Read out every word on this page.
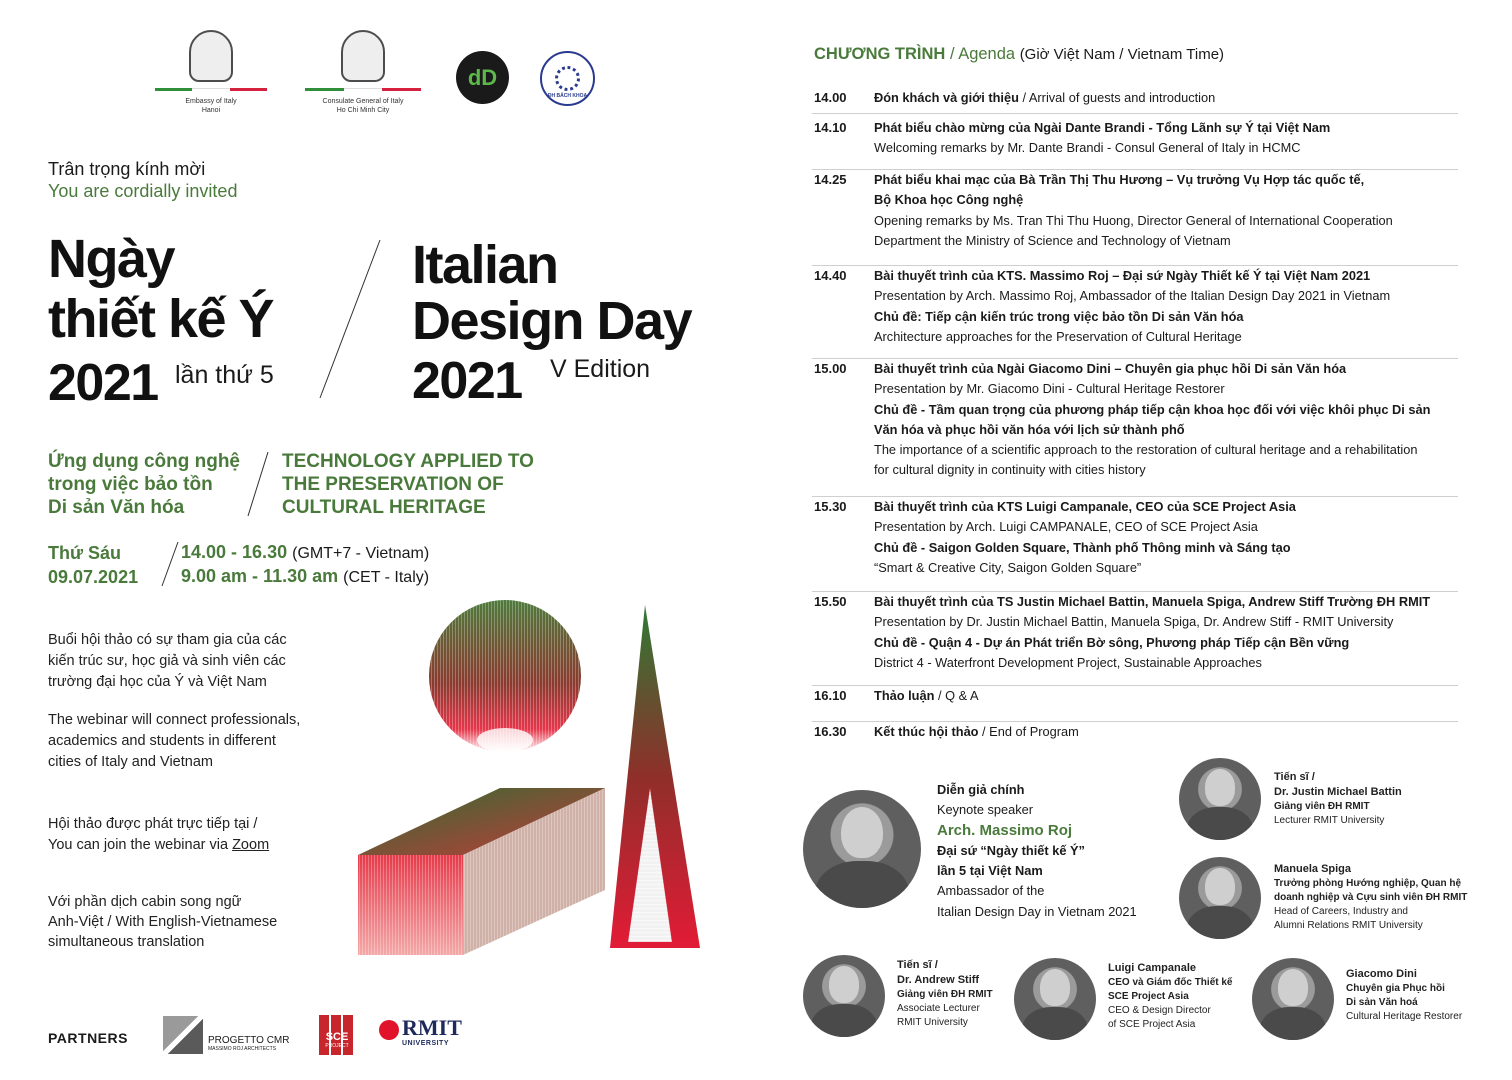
Embassy of Italy
Hanoi
Consulate General of Italy
Ho Chi Minh City
dD
ĐH BÁCH KHOA
Trân trọng kính mời
You are cordially invited
Ngày
thiết kế Ý
2021 lần thứ 5
Italian
Design Day
2021 V Edition
Ứng dụng công nghệ
trong việc bảo tồn
Di sản Văn hóa
TECHNOLOGY APPLIED TO
THE PRESERVATION OF
CULTURAL HERITAGE
Thứ Sáu
09.07.2021
14.00 - 16.30 (GMT+7 - Vietnam)
9.00 am - 11.30 am (CET - Italy)
Buổi hội thảo có sự tham gia của các
kiến trúc sư, học giả và sinh viên các
trường đại học của Ý và Việt Nam
The webinar will connect professionals,
academics and students in different
cities of Italy and Vietnam
Hội thảo được phát trực tiếp tại /
You can join the webinar via Zoom
Với phần dịch cabin song ngữ
Anh-Việt / With English-Vietnamese
simultaneous translation
PARTNERS	PROGETTO CMR
MASSIMO ROJ ARCHITECTS
SCE
PROJECT
RMIT
UNIVERSITY
CHƯƠNG TRÌNH / Agenda (Giờ Việt Nam / Vietnam Time)
14.00 Đón khách và giới thiệu / Arrival of guests and introduction
14.10 Phát biểu chào mừng của Ngài Dante Brandi - Tổng Lãnh sự Ý tại Việt Nam
Welcoming remarks by Mr. Dante Brandi - Consul General of Italy in HCMC
14.25 Phát biểu khai mạc của Bà Trần Thị Thu Hương – Vụ trưởng Vụ Hợp tác quốc tế,
Bộ Khoa học Công nghệ
Opening remarks by Ms. Tran Thi Thu Huong, Director General of International Cooperation
Department the Ministry of Science and Technology of Vietnam
14.40 Bài thuyết trình của KTS. Massimo Roj – Đại sứ Ngày Thiết kế Ý tại Việt Nam 2021
Presentation by Arch. Massimo Roj, Ambassador of the Italian Design Day 2021 in Vietnam
Chủ đề: Tiếp cận kiến trúc trong việc bảo tồn Di sản Văn hóa
Architecture approaches for the Preservation of Cultural Heritage
15.00 Bài thuyết trình của Ngài Giacomo Dini – Chuyên gia phục hồi Di sản Văn hóa
Presentation by Mr. Giacomo Dini - Cultural Heritage Restorer
Chủ đề - Tầm quan trọng của phương pháp tiếp cận khoa học đối với việc khôi phục Di sản
Văn hóa và phục hồi văn hóa với lịch sử thành phố
The importance of a scientific approach to the restoration of cultural heritage and a rehabilitation
for cultural dignity in continuity with cities history
15.30 Bài thuyết trình của KTS Luigi Campanale, CEO của SCE Project Asia
Presentation by Arch. Luigi CAMPANALE, CEO of SCE Project Asia
Chủ đề - Saigon Golden Square, Thành phố Thông minh và Sáng tạo
“Smart & Creative City, Saigon Golden Square”
15.50 Bài thuyết trình của TS Justin Michael Battin, Manuela Spiga, Andrew Stiff Trường ĐH RMIT
Presentation by Dr. Justin Michael Battin, Manuela Spiga, Dr. Andrew Stiff - RMIT University
Chủ đề - Quận 4 - Dự án Phát triển Bờ sông, Phương pháp Tiếp cận Bền vững
District 4 - Waterfront Development Project, Sustainable Approaches
16.10 Thảo luận / Q & A
16.30 Kết thúc hội thảo / End of Program
Diễn giả chính
Keynote speaker
Arch. Massimo Roj
Đại sứ “Ngày thiết kế Ý”
lần 5 tại Việt Nam
Ambassador of the
Italian Design Day in Vietnam 2021
Tiến sĩ /
Dr. Justin Michael Battin
Giảng viên ĐH RMIT
Lecturer RMIT University
Manuela Spiga
Trưởng phòng Hướng nghiệp, Quan hệ
doanh nghiệp và Cựu sinh viên ĐH RMIT
Head of Careers, Industry and
Alumni Relations RMIT University
Tiến sĩ /
Dr. Andrew Stiff
Giảng viên ĐH RMIT
Associate Lecturer
RMIT University
Luigi Campanale
CEO và Giám đốc Thiết kế
SCE Project Asia
CEO & Design Director
of SCE Project Asia
Giacomo Dini
Chuyên gia Phục hồi
Di sản Văn hoá
Cultural Heritage Restorer
